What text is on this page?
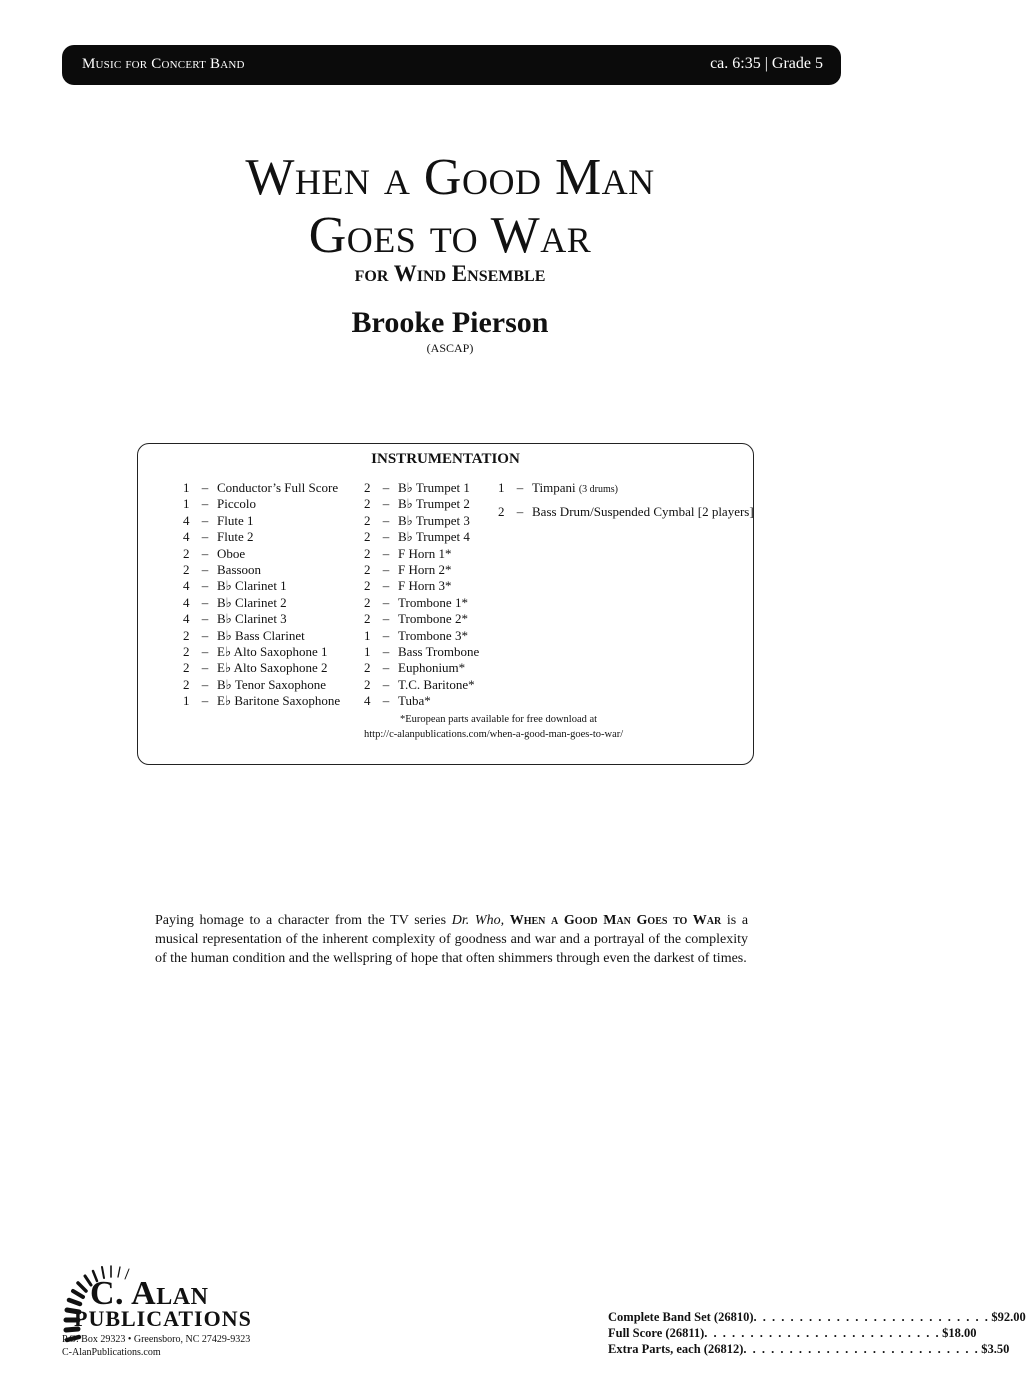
Music for Concert Band	ca. 6:35 | Grade 5
When a Good Man
Goes to War
for Wind Ensemble
Brooke Pierson
(ASCAP)
INSTRUMENTATION
1 – Conductor’s Full Score
1 – Piccolo
4 – Flute 1
4 – Flute 2
2 – Oboe
2 – Bassoon
4 – B♭ Clarinet 1
4 – B♭ Clarinet 2
4 – B♭ Clarinet 3
2 – B♭ Bass Clarinet
2 – E♭ Alto Saxophone 1
2 – E♭ Alto Saxophone 2
2 – B♭ Tenor Saxophone
1 – E♭ Baritone Saxophone
2 – B♭ Trumpet 1
2 – B♭ Trumpet 2
2 – B♭ Trumpet 3
2 – B♭ Trumpet 4
2 – F Horn 1*
2 – F Horn 2*
2 – F Horn 3*
2 – Trombone 1*
2 – Trombone 2*
1 – Trombone 3*
1 – Bass Trombone
2 – Euphonium*
2 – T.C. Baritone*
4 – Tuba*
1 – Timpani (3 drums)
2 – Bass Drum/Suspended Cymbal [2 players]
*European parts available for free download at
http://c-alanpublications.com/when-a-good-man-goes-to-war/
Paying homage to a character from the TV series Dr. Who, When a Good Man Goes to War is a musical representation of the inherent complexity of goodness and war and a portrayal of the complexity of the human condition and the wellspring of hope that often shimmers through even the darkest of times.
C. Alan
PUBLICATIONS
P.O. Box 29323 • Greensboro, NC 27429-9323
C-AlanPublications.com
Complete Band Set (26810) . . . . . . . . . . . . . . . . . . . . . . . . . . $92.00
Full Score (26811) . . . . . . . . . . . . . . . . . . . . . . . . . . $18.00
Extra Parts, each (26812) . . . . . . . . . . . . . . . . . . . . . . . . . . $3.50
